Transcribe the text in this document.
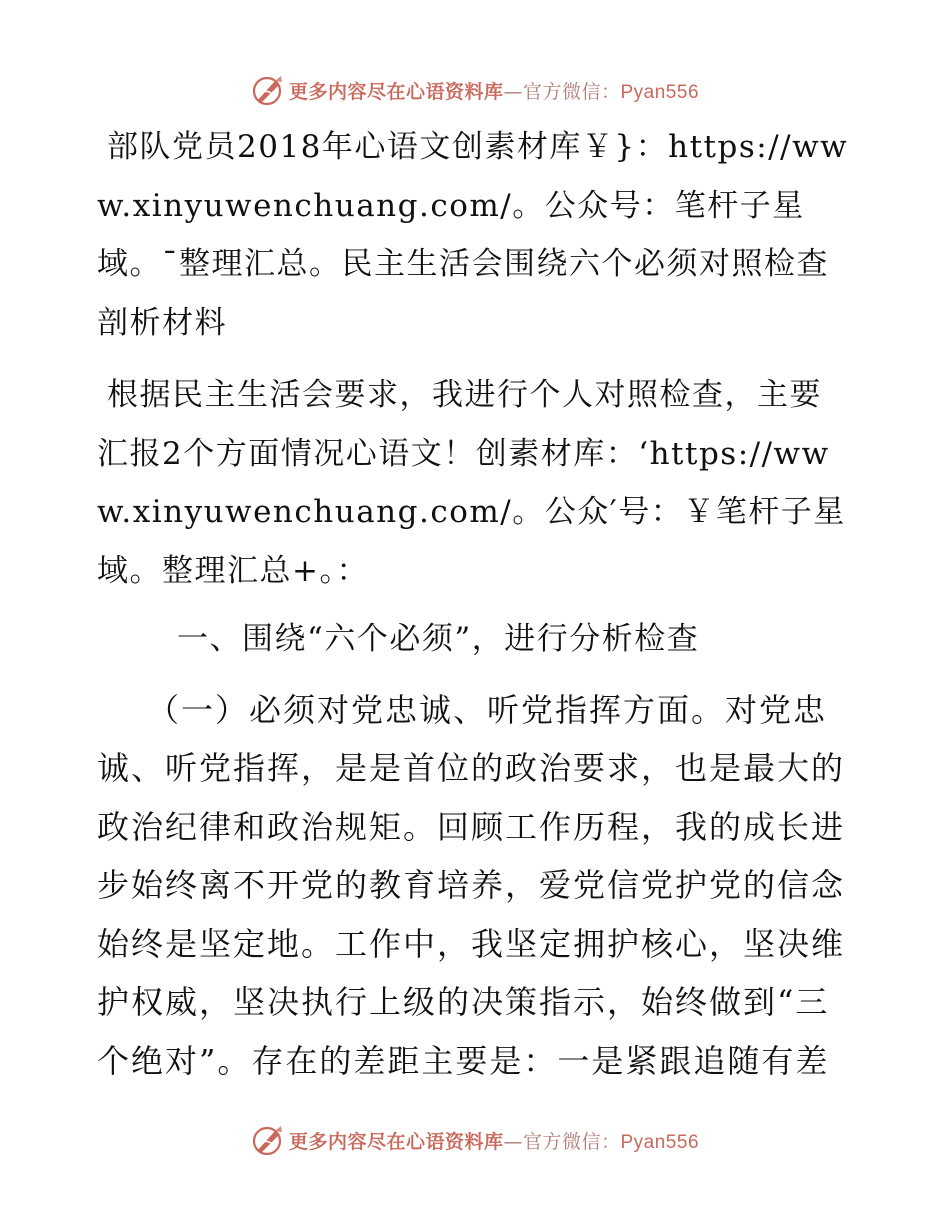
更多内容尽在心语资料库—官方微信：Pyan556

部队党员2018年心语文创素材库￥}：https://www.xinyuwenchuang.com/。公众号：笔杆子星域。¯整理汇总。民主生活会围绕六个必须对照检查剖析材料

根据民主生活会要求，我进行个人对照检查，主要汇报2个方面情况心语文！创素材库：‘https://www.xinyuwenchuang.com/。公众′号：￥笔杆子星域。整理汇总+。：

一、围绕“六个必须”，进行分析检查

（一）必须对党忠诚、听党指挥方面。对党忠诚、听党指挥，是是首位的政治要求，也是最大的政治纪律和政治规矩。回顾工作历程，我的成长进步始终离不开党的教育培养，爱党信党护党的信念始终是坚定地。工作中，我坚定拥护核心，坚决维护权威，坚决执行上级的决策指示，始终做到“三个绝对”。存在的差距主要是：一是紧跟追随有差

更多内容尽在心语资料库—官方微信：Pyan556
